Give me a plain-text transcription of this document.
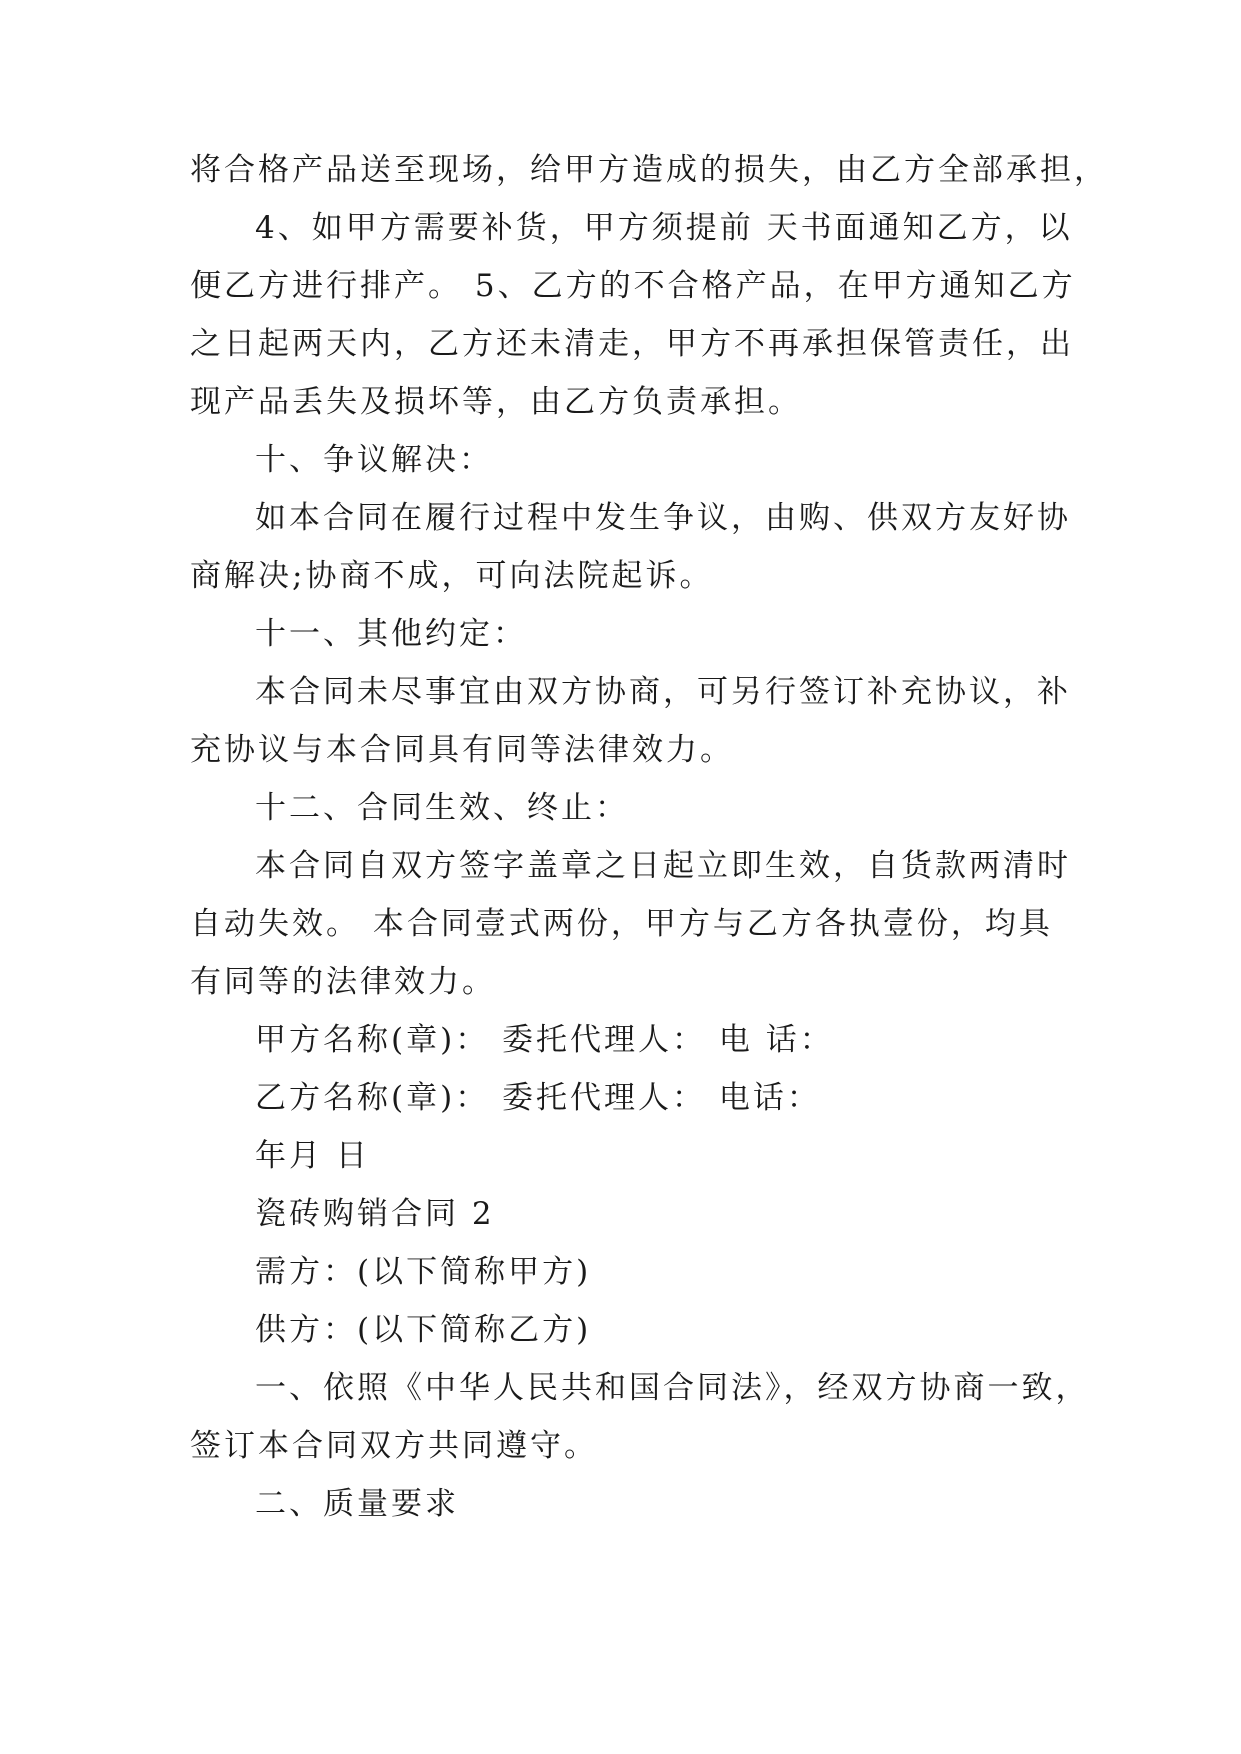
将合格产品送至现场，给甲方造成的损失，由乙方全部承担，
4、如甲方需要补货，甲方须提前 天书面通知乙方，以
便乙方进行排产。 5、乙方的不合格产品，在甲方通知乙方
之日起两天内，乙方还未清走，甲方不再承担保管责任，出
现产品丢失及损坏等，由乙方负责承担。
十、争议解决：
如本合同在履行过程中发生争议，由购、供双方友好协
商解决;协商不成，可向法院起诉。
十一、其他约定：
本合同未尽事宜由双方协商，可另行签订补充协议，补
充协议与本合同具有同等法律效力。
十二、合同生效、终止：
本合同自双方签字盖章之日起立即生效，自货款两清时
自动失效。 本合同壹式两份，甲方与乙方各执壹份，均具
有同等的法律效力。
甲方名称(章)： 委托代理人： 电 话：
乙方名称(章)： 委托代理人： 电话：
年月 日
瓷砖购销合同 2
需方：(以下简称甲方)
供方：(以下简称乙方)
一、依照《中华人民共和国合同法》，经双方协商一致，
签订本合同双方共同遵守。
二、质量要求
